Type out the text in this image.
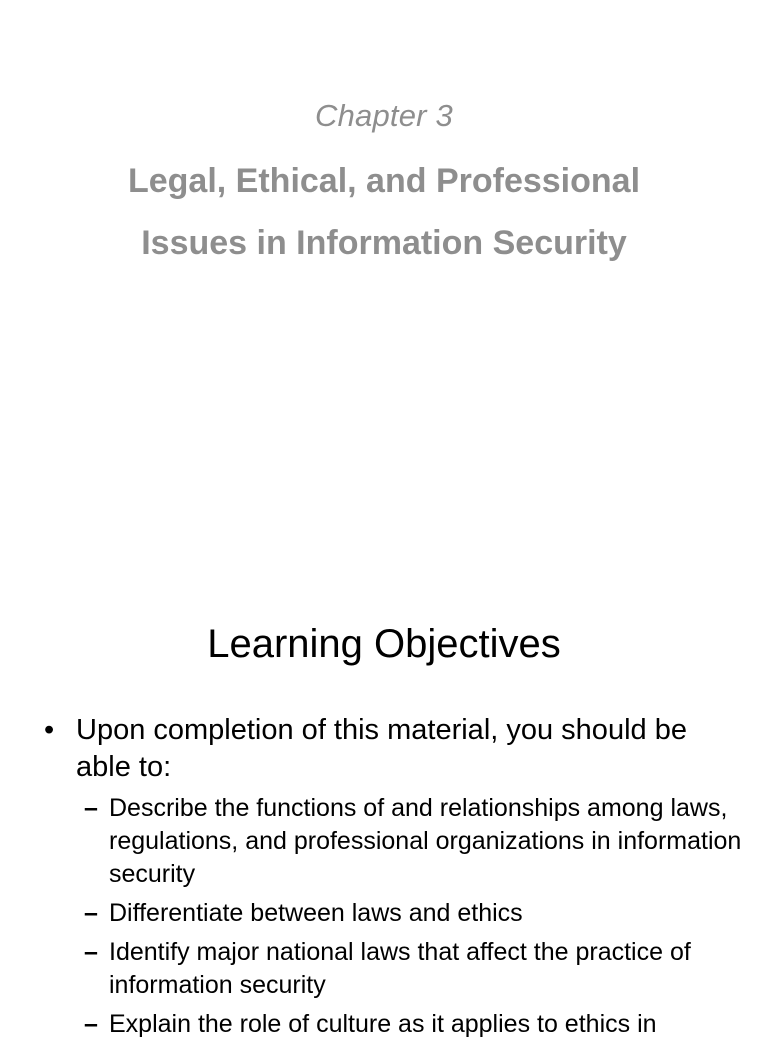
Chapter 3
Legal, Ethical, and Professional
Issues in Information Security
Learning Objectives
• Upon completion of this material, you should be able to:
– Describe the functions of and relationships among laws, regulations, and professional organizations in information security
– Differentiate between laws and ethics
– Identify major national laws that affect the practice of information security
– Explain the role of culture as it applies to ethics in
